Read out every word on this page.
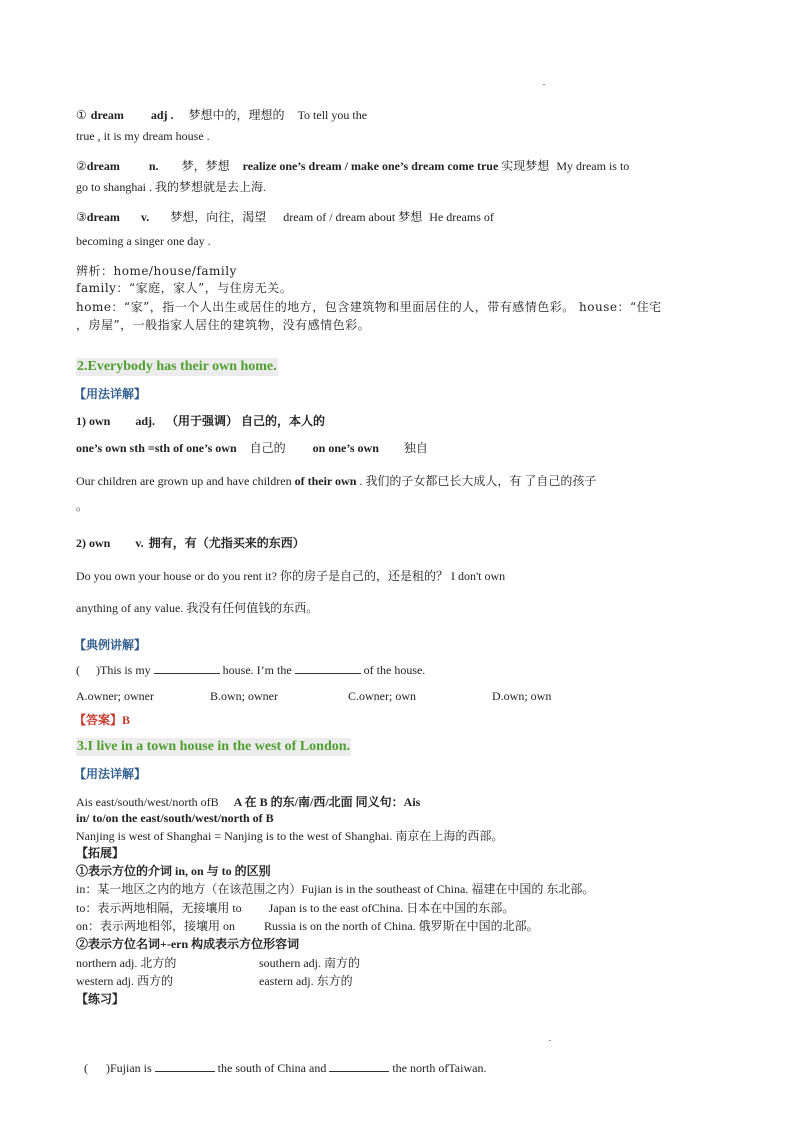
① dream adj . 梦想中的，理想的 To tell you the
true , it is my dream house .
②dream n. 梦，梦想 realize one’s dream / make one’s dream come true 实现梦想 My dream is to
go to shanghai . 我的梦想就是去上海.
③dream v. 梦想，向往，渴望 dream of / dream about 梦想 He dreams of
becoming a singer one day .
辨析：home/house/family
family：“家庭，家人”，与住房无关。
home：“家”，指一个人出生或居住的地方，包含建筑物和里面居住的人，带有感情色彩。 house：“住宅
，房屋”，一般指家人居住的建筑物，没有感情色彩。
2.Everybody has their own home.
【用法详解】
1) own adj. （用于强调） 自己的，本人的
one’s own sth =sth of one’s own 自己的 on one’s own 独自
Our children are grown up and have children of their own . 我们的子女都已长大成人，有 了自己的孩子
。
2) own v. 拥有，有（尤指买来的东西）
Do you own your house or do you rent it? 你的房子是自己的，还是租的？ I don't own
anything of any value. 我没有任何值钱的东西。
【典例讲解】
( )This is my	house. I’m the	of the house.
A.owner; owner	B.own; owner	C.owner; own	D.own; own
【答案】B
3.I live in a town house in the west of London.
【用法详解】
Ais east/south/west/north ofB A 在 B 的东/南/西/北面 同义句：Ais
in/ to/on the east/south/west/north of B
Nanjing is west of Shanghai = Nanjing is to the west of Shanghai. 南京在上海的西部。
【拓展】
①表示方位的介词 in, on 与 to 的区别
in：某一地区之内的地方（在该范围之内）Fujian is in the southeast of China. 福建在中国的 东北部。
to：表示两地相隔，无接壤用 to Japan is to the east ofChina. 日本在中国的东部。
on：表示两地相邻，接壤用 on Russia is on the north of China. 俄罗斯在中国的北部。
②表示方位名词+-ern 构成表示方位形容词
northern adj. 北方的	southern adj. 南方的
western adj. 西方的	eastern adj. 东方的
【练习】
( )Fujian is	the south of China and	the north ofTaiwan.
